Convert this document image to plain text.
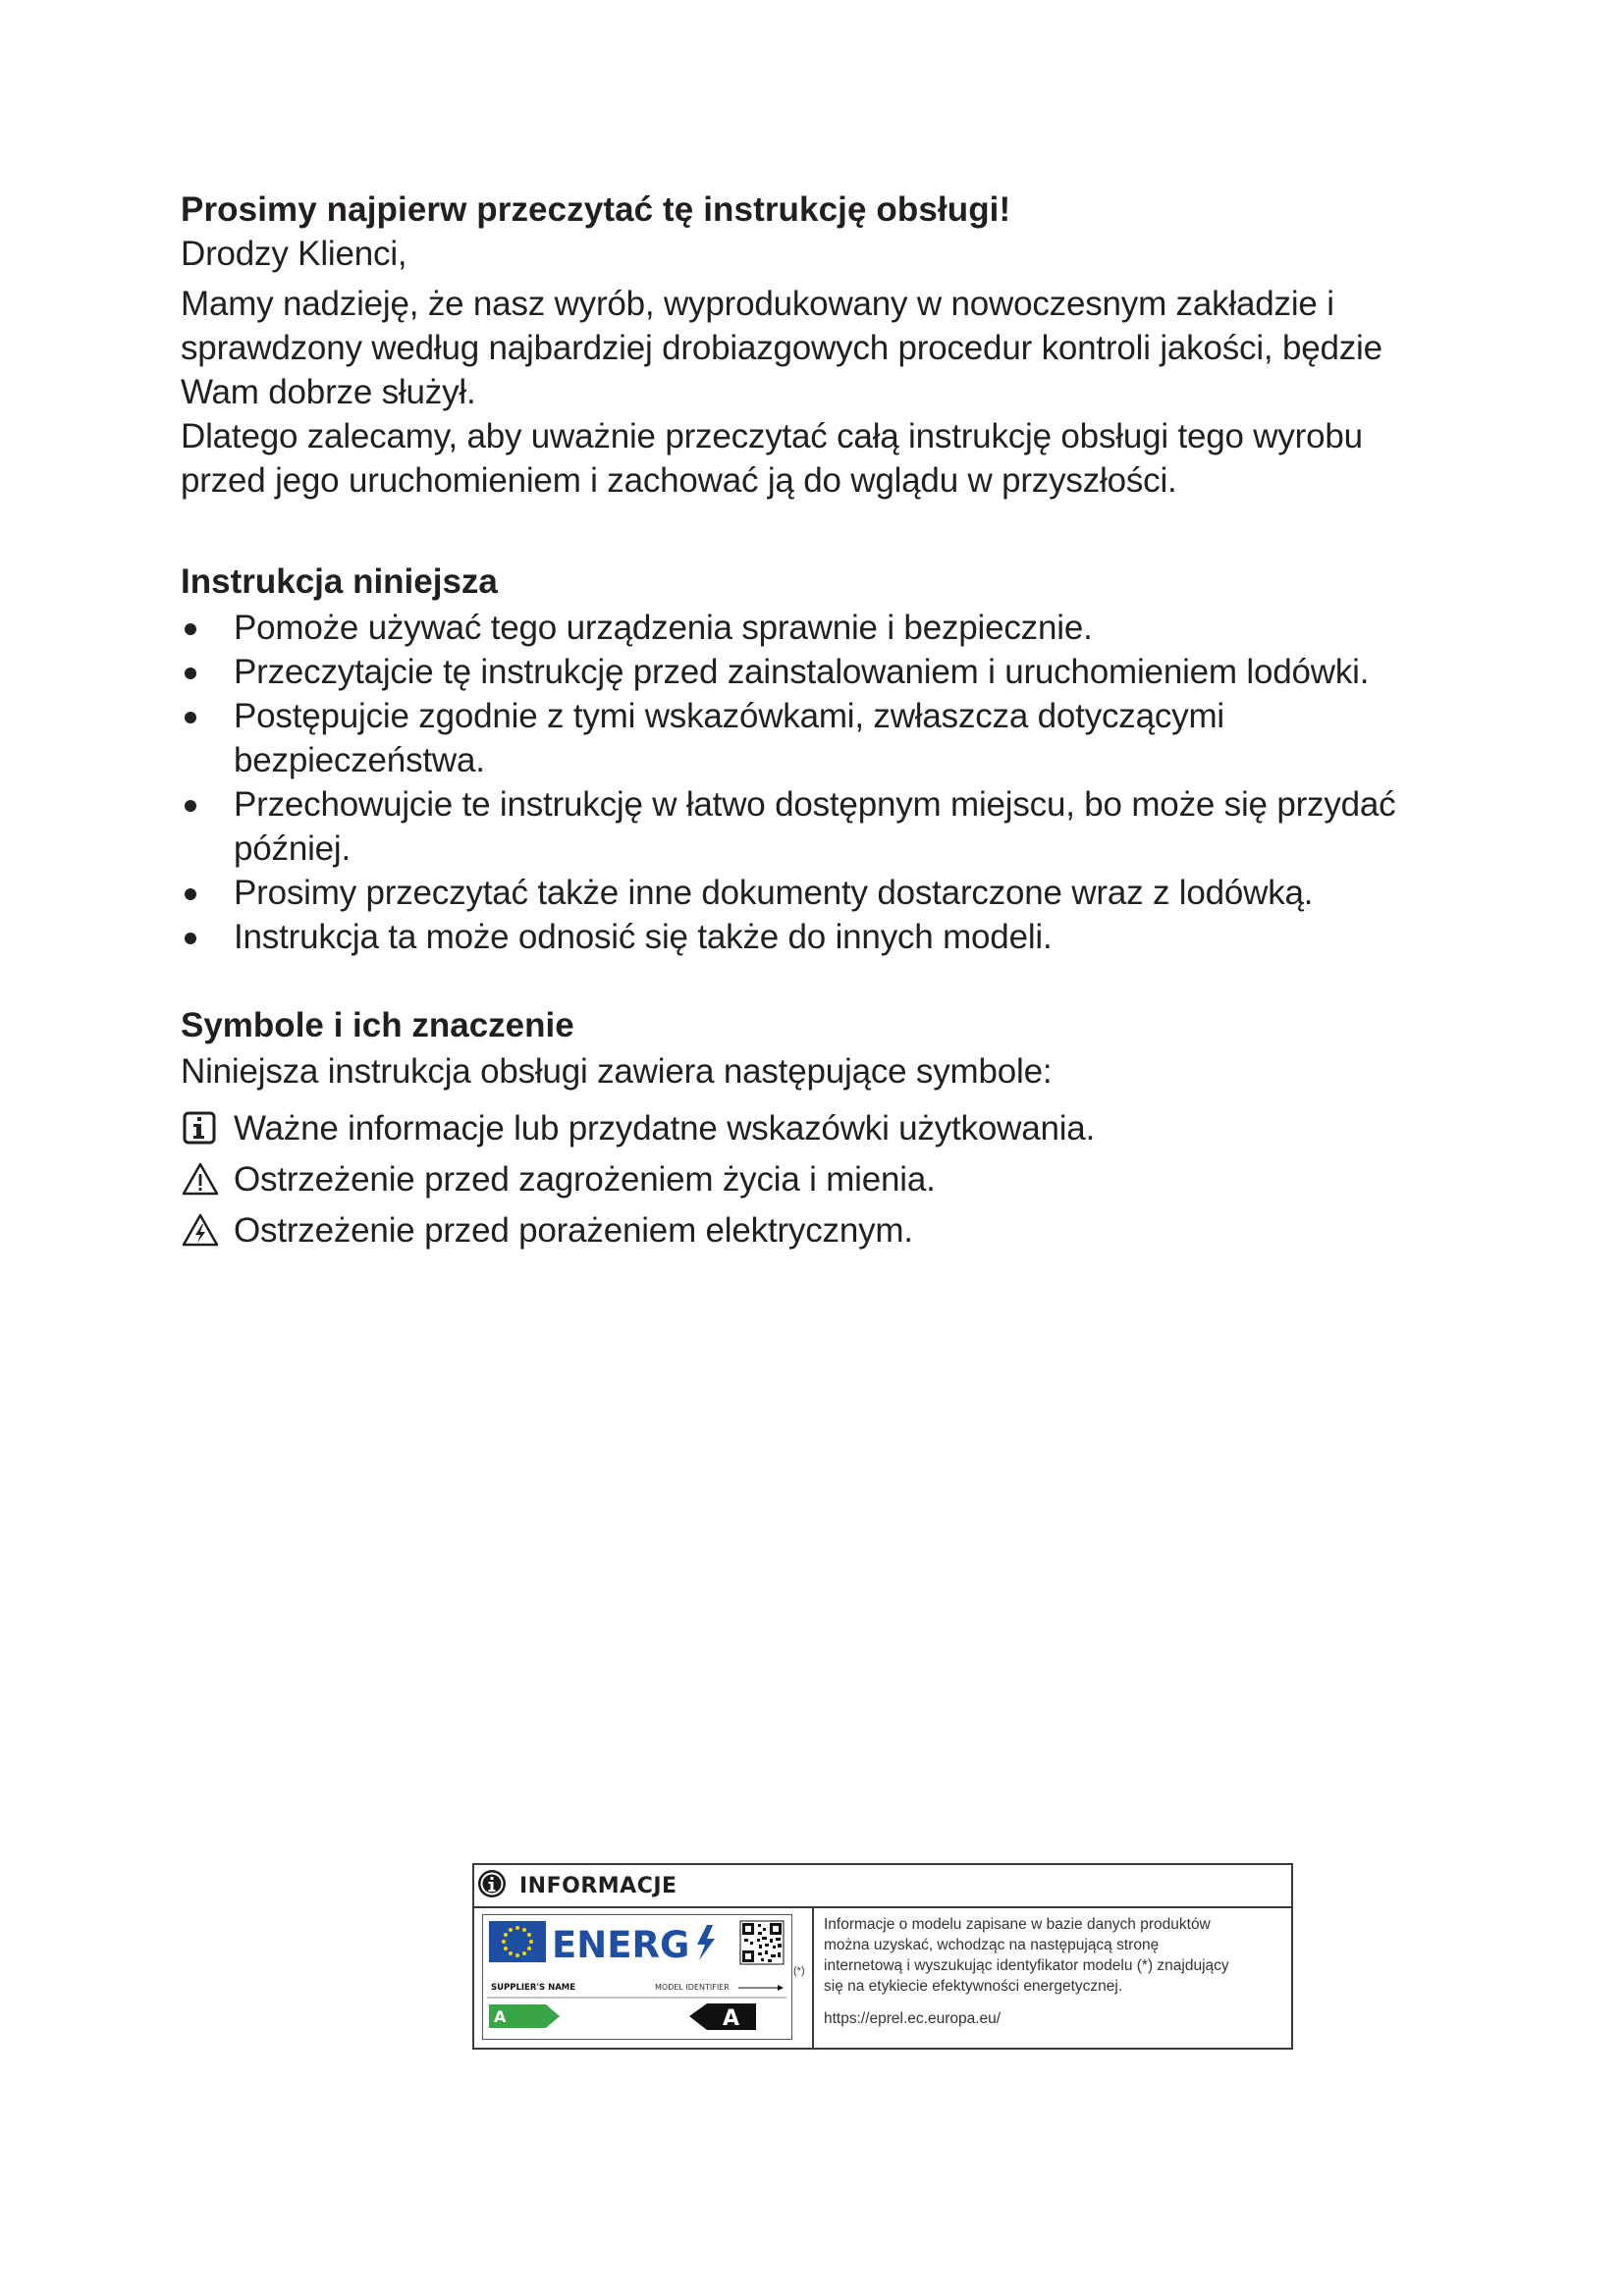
Prosimy najpierw przeczytać tę instrukcję obsługi!

Drodzy Klienci,

Mamy nadzieję, że nasz wyrób, wyprodukowany w nowoczesnym zakładzie i
sprawdzony według najbardziej drobiazgowych procedur kontroli jakości, będzie
Wam dobrze służył.

Dlatego zalecamy, aby uważnie przeczytać całą instrukcję obsługi tego wyrobu
przed jego uruchomieniem i zachować ją do wglądu w przyszłości.

Instrukcja niniejsza
Pomoże używać tego urządzenia sprawnie i bezpiecznie.
Przeczytajcie tę instrukcję przed zainstalowaniem i uruchomieniem lodówki.
Postępujcie zgodnie z tymi wskazówkami, zwłaszcza dotyczącymi
bezpieczeństwa.
Przechowujcie te instrukcję w łatwo dostępnym miejscu, bo może się przydać
później.
Prosimy przeczytać także inne dokumenty dostarczone wraz z lodówką.
Instrukcja ta może odnosić się także do innych modeli.
Symbole i ich znaczenie

Niniejsza instrukcja obsługi zawiera następujące symbole:

Ważne informacje lub przydatne wskazówki użytkowania.
Ostrzeżenie przed zagrożeniem życia i mienia.
Ostrzeżenie przed porażeniem elektrycznym.
INFORMACJE
ENERG
SUPPLIER'S NAME	MODEL IDENTIFIER
A	A
(*)
Informacje o modelu zapisane w bazie danych produktów
można uzyskać, wchodząc na następującą stronę
internetową i wyszukując identyfikator modelu (*) znajdujący
się na etykiecie efektywności energetycznej.
https://eprel.ec.europa.eu/
